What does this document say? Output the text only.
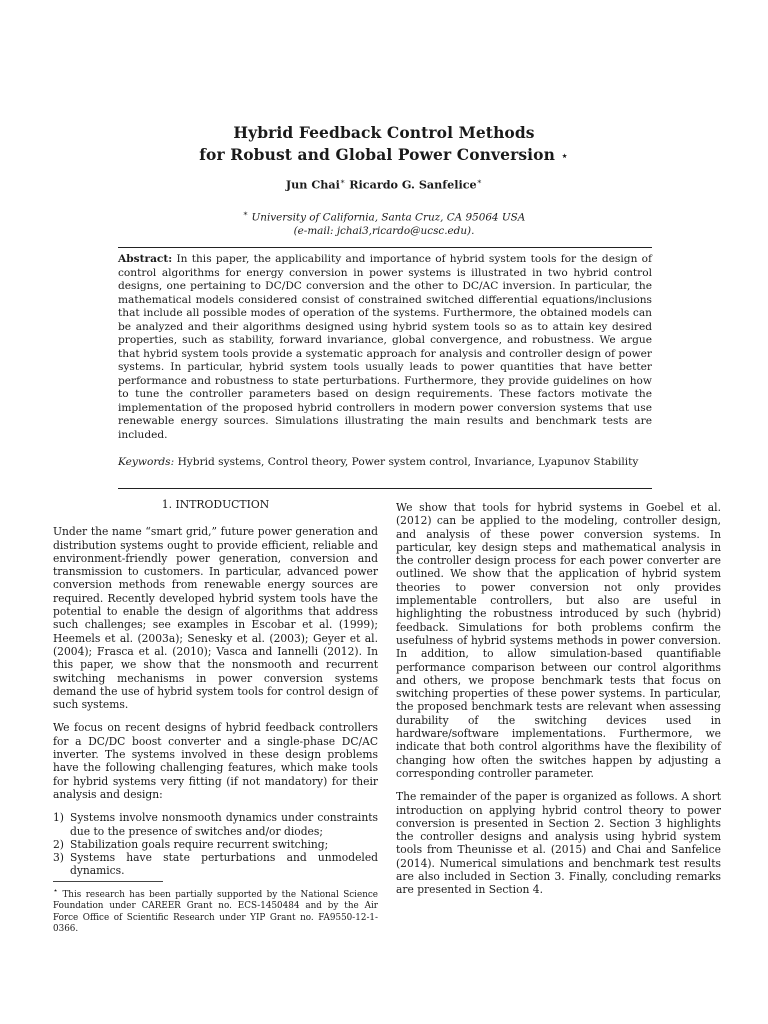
Hybrid Feedback Control Methods
for Robust and Global Power Conversion ⋆
Jun Chai∗ Ricardo G. Sanfelice∗
∗ University of California, Santa Cruz, CA 95064 USA
(e-mail: jchai3,ricardo@ucsc.edu).
Abstract: In this paper, the applicability and importance of hybrid system tools for the design of control algorithms for energy conversion in power systems is illustrated in two hybrid control designs, one pertaining to DC/DC conversion and the other to DC/AC inversion. In particular, the mathematical models considered consist of constrained switched differential equations/inclusions that include all possible modes of operation of the systems. Furthermore, the obtained models can be analyzed and their algorithms designed using hybrid system tools so as to attain key desired properties, such as stability, forward invariance, global convergence, and robustness. We argue that hybrid system tools provide a systematic approach for analysis and controller design of power systems. In particular, hybrid system tools usually leads to power quantities that have better performance and robustness to state perturbations. Furthermore, they provide guidelines on how to tune the controller parameters based on design requirements. These factors motivate the implementation of the proposed hybrid controllers in modern power conversion systems that use renewable energy sources. Simulations illustrating the main results and benchmark tests are included.
Keywords: Hybrid systems, Control theory, Power system control, Invariance, Lyapunov Stability

1. INTRODUCTION

Under the name “smart grid,” future power generation and distribution systems ought to provide efficient, reliable and environment-friendly power generation, conversion and transmission to customers. In particular, advanced power conversion methods from renewable energy sources are required. Recently developed hybrid system tools have the potential to enable the design of algorithms that address such challenges; see examples in Escobar et al. (1999); Heemels et al. (2003a); Senesky et al. (2003); Geyer et al. (2004); Frasca et al. (2010); Vasca and Iannelli (2012). In this paper, we show that the nonsmooth and recurrent switching mechanisms in power conversion systems demand the use of hybrid system tools for control design of such systems.

We focus on recent designs of hybrid feedback controllers for a DC/DC boost converter and a single-phase DC/AC inverter. The systems involved in these design problems have the following challenging features, which make tools for hybrid systems very fitting (if not mandatory) for their analysis and design:

1) Systems involve nonsmooth dynamics under constraints due to the presence of switches and/or diodes;
2) Stabilization goals require recurrent switching;
3) Systems have state perturbations and unmodeled dynamics.
⋆ This research has been partially supported by the National Science Foundation under CAREER Grant no. ECS-1450484 and by the Air Force Office of Scientific Research under YIP Grant no. FA9550-12-1-0366.

We show that tools for hybrid systems in Goebel et al. (2012) can be applied to the modeling, controller design, and analysis of these power conversion systems. In particular, key design steps and mathematical analysis in the controller design process for each power converter are outlined. We show that the application of hybrid system theories to power conversion not only provides implementable controllers, but also are useful in highlighting the robustness introduced by such (hybrid) feedback. Simulations for both problems confirm the usefulness of hybrid systems methods in power conversion. In addition, to allow simulation-based quantifiable performance comparison between our control algorithms and others, we propose benchmark tests that focus on switching properties of these power systems. In particular, the proposed benchmark tests are relevant when assessing durability of the switching devices used in hardware/software implementations. Furthermore, we indicate that both control algorithms have the flexibility of changing how often the switches happen by adjusting a corresponding controller parameter.

The remainder of the paper is organized as follows. A short introduction on applying hybrid control theory to power conversion is presented in Section 2. Section 3 highlights the controller designs and analysis using hybrid system tools from Theunisse et al. (2015) and Chai and Sanfelice (2014). Numerical simulations and benchmark test results are also included in Section 3. Finally, concluding remarks are presented in Section 4.
